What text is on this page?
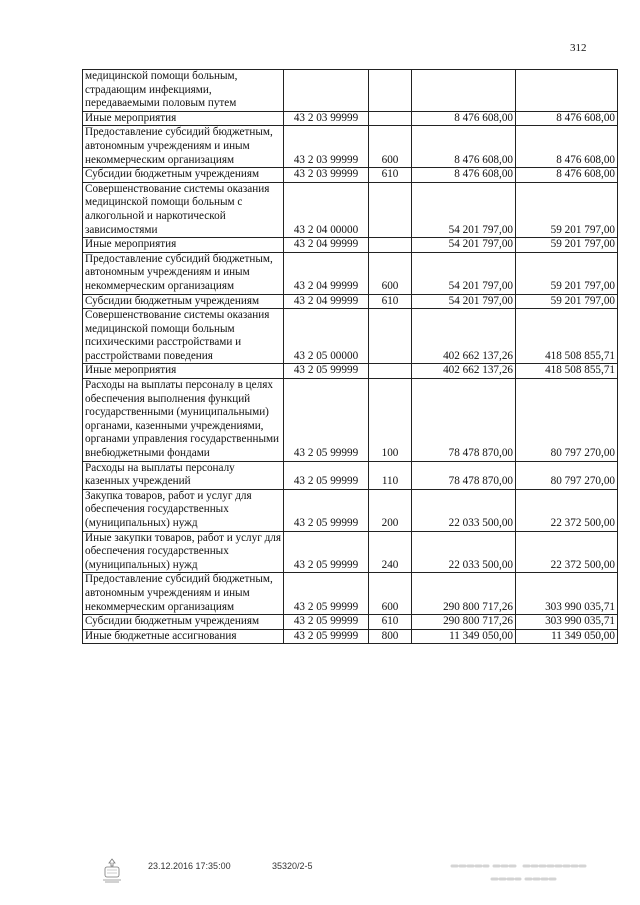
312
медицинской помощи больным, страдающим инфекциями, передаваемыми половым путем				
Иные мероприятия	43 2 03 99999		8 476 608,00	8 476 608,00
Предоставление субсидий бюджетным, автономным учреждениям и иным некоммерческим организациям	43 2 03 99999	600	8 476 608,00	8 476 608,00
Субсидии бюджетным учреждениям	43 2 03 99999	610	8 476 608,00	8 476 608,00
Совершенствование системы оказания медицинской помощи больным с алкогольной и наркотической зависимостями	43 2 04 00000		54 201 797,00	59 201 797,00
Иные мероприятия	43 2 04 99999		54 201 797,00	59 201 797,00
Предоставление субсидий бюджетным, автономным учреждениям и иным некоммерческим организациям	43 2 04 99999	600	54 201 797,00	59 201 797,00
Субсидии бюджетным учреждениям	43 2 04 99999	610	54 201 797,00	59 201 797,00
Совершенствование системы оказания медицинской помощи больным психическими расстройствами и расстройствами поведения	43 2 05 00000		402 662 137,26	418 508 855,71
Иные мероприятия	43 2 05 99999		402 662 137,26	418 508 855,71
Расходы на выплаты персоналу в целях обеспечения выполнения функций государственными (муниципальными) органами, казенными учреждениями, органами управления государственными внебюджетными фондами	43 2 05 99999	100	78 478 870,00	80 797 270,00
Расходы на выплаты персоналу казенных учреждений	43 2 05 99999	110	78 478 870,00	80 797 270,00
Закупка товаров, работ и услуг для обеспечения государственных (муниципальных) нужд	43 2 05 99999	200	22 033 500,00	22 372 500,00
Иные закупки товаров, работ и услуг для обеспечения государственных (муниципальных) нужд	43 2 05 99999	240	22 033 500,00	22 372 500,00
Предоставление субсидий бюджетным, автономным учреждениям и иным некоммерческим организациям	43 2 05 99999	600	290 800 717,26	303 990 035,71
Субсидии бюджетным учреждениям	43 2 05 99999	610	290 800 717,26	303 990 035,71
Иные бюджетные ассигнования	43 2 05 99999	800	11 349 050,00	11 349 050,00
23.12.2016 17:35:00	35320/2-5
